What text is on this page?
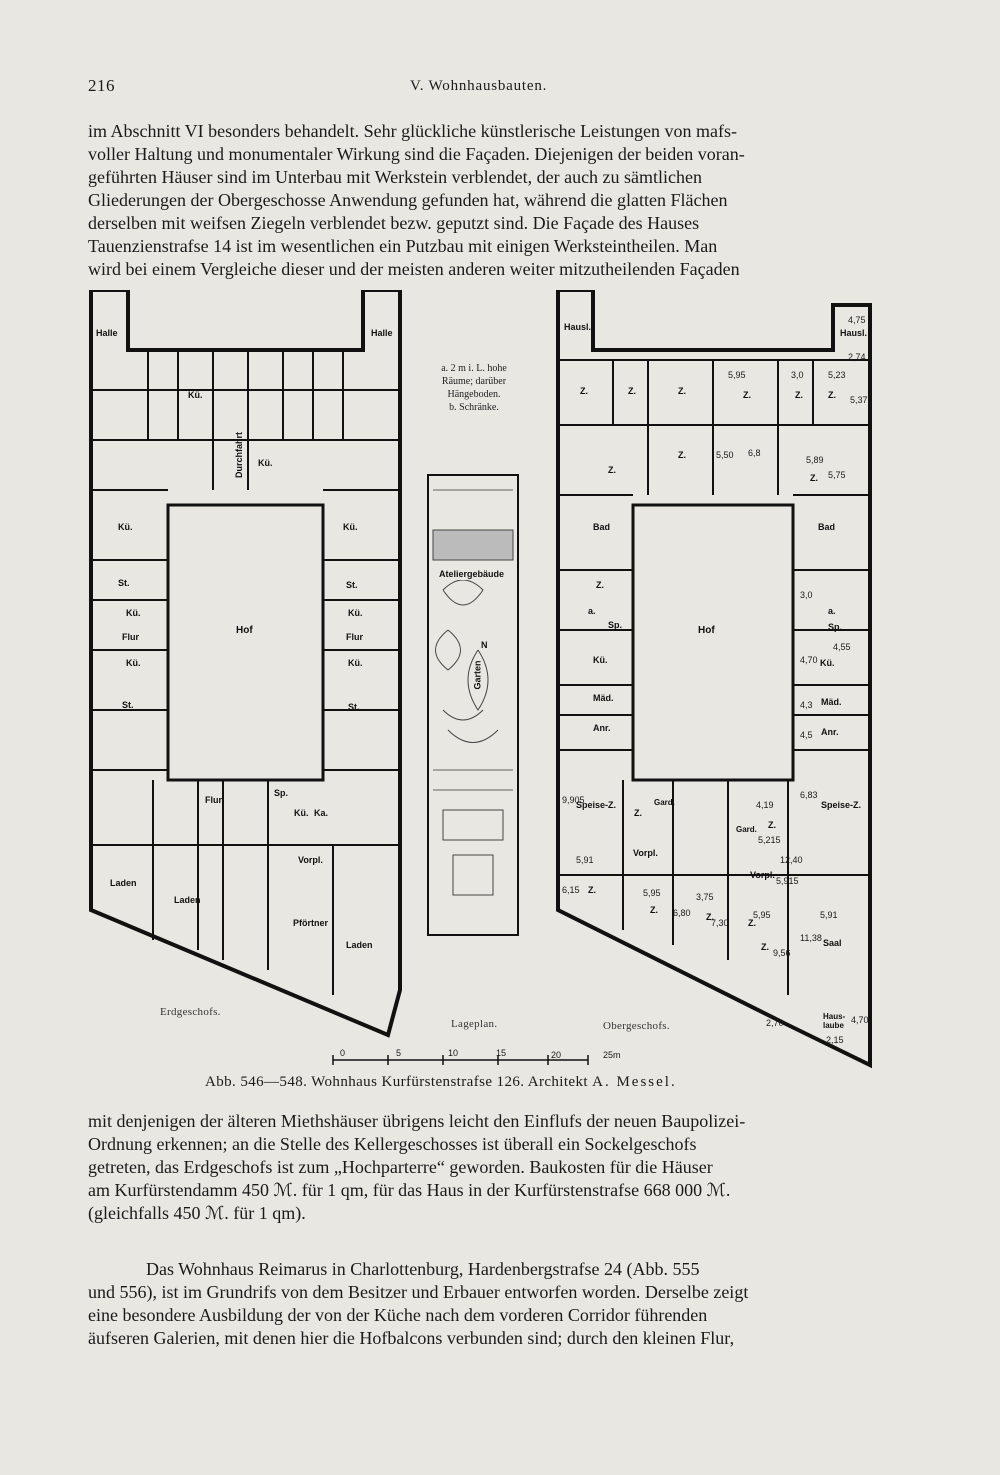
216	V. Wohnhausbauten.

im Abschnitt VI besonders behandelt. Sehr glückliche künstlerische Leistungen von mafs-

voller Haltung und monumentaler Wirkung sind die Façaden. Diejenigen der beiden voran-

geführten Häuser sind im Unterbau mit Werkstein verblendet, der auch zu sämtlichen

Gliederungen der Obergeschosse Anwendung gefunden hat, während die glatten Flächen

derselben mit weifsen Ziegeln verblendet bezw. geputzt sind. Die Façade des Hauses

Tauenzienstrafse 14 ist im wesentlichen ein Putzbau mit einigen Werksteintheilen. Man

wird bei einem Vergleiche dieser und der meisten anderen weiter mitzutheilenden Façaden

a. 2 m i. L. hohe
Räume; darüber
Hängeboden.
b. Schränke.
Halle	Halle
Kü.
Durchfahrt Kü.
Kü.	Kü.
St.
Kü.
Flur
Kü.
St.
Hof
St.
Kü.
Flur
Kü.
St.
Flur
Sp.
Kü. Ka.
Vorpl.
Laden
Laden
Pförtner
Laden
Ateliergebäude
Garten
N
Hausl.
Hausl.
Z.	Z.	Z.	Z.	Z.	Z.
Z.
Z.
Z.
Bad	Bad
Z.
a.
Sp.
a.
Sp.
Hof
Kü.	Kü.
Mäd.	Mäd.
Anr.	Anr.
Speise-Z.	Speise-Z.
Z.
Gard.
Gard. Z.
Vorpl.
Vorpl.
Z.
Z.
Z.
Z.
Z.	Saal
Haus-laube
5,95	3,0	5,23
5,37
2,74
4,75
5,50 6,8
5,89
5,75
3,0
4,55
4,70
4,3
4,5
6,83
9,905	4,19
5,215
12,40
5,915
5,95	3,75
6,80
7,30
5,95	5,91
9,56
11,38
6,15
5,91
2,70	4,70
2,15
Erdgeschofs.
Lageplan.	Obergeschofs.
0	5	10	15	20	25m
Abb. 546—548. Wohnhaus Kurfürstenstrafse 126. Architekt A. Messel.

mit denjenigen der älteren Miethshäuser übrigens leicht den Einflufs der neuen Baupolizei-

Ordnung erkennen; an die Stelle des Kellergeschosses ist überall ein Sockelgeschofs

getreten, das Erdgeschofs ist zum „Hochparterre“ geworden. Baukosten für die Häuser

am Kurfürstendamm 450 ℳ. für 1 qm, für das Haus in der Kurfürstenstrafse 668 000 ℳ.

(gleichfalls 450 ℳ. für 1 qm).

Das Wohnhaus Reimarus in Charlottenburg, Hardenbergstrafse 24 (Abb. 555

und 556), ist im Grundrifs von dem Besitzer und Erbauer entworfen worden. Derselbe zeigt

eine besondere Ausbildung der von der Küche nach dem vorderen Corridor führenden

äufseren Galerien, mit denen hier die Hofbalcons verbunden sind; durch den kleinen Flur,
